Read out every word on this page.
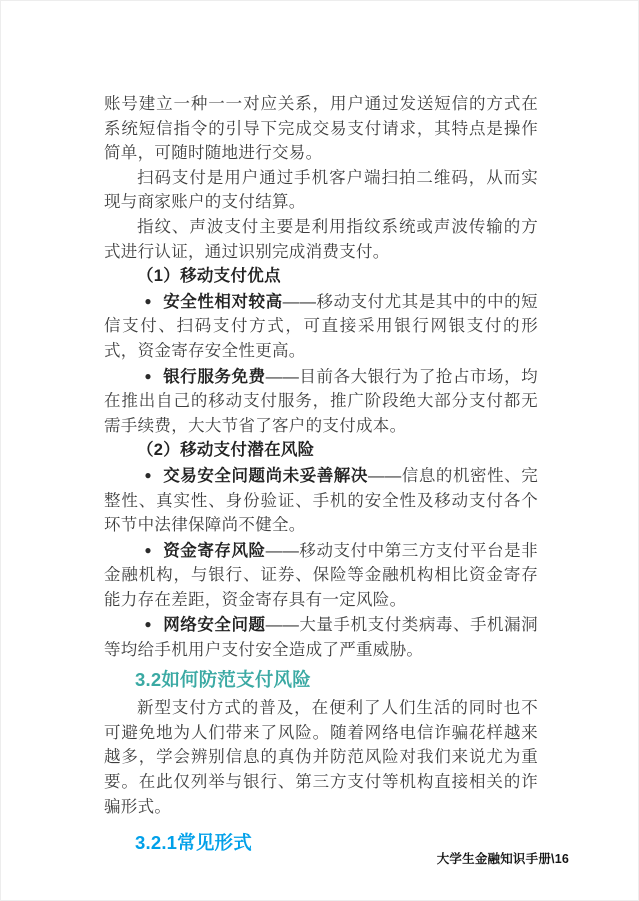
账号建立一种一一对应关系，用户通过发送短信的方式在系统短信指令的引导下完成交易支付请求，其特点是操作简单，可随时随地进行交易。

扫码支付是用户通过手机客户端扫拍二维码，从而实现与商家账户的支付结算。

指纹、声波支付主要是利用指纹系统或声波传输的方式进行认证，通过识别完成消费支付。

（1）移动支付优点

● 安全性相对较高——移动支付尤其是其中的中的短信支付、扫码支付方式，可直接采用银行网银支付的形式，资金寄存安全性更高。

● 银行服务免费——目前各大银行为了抢占市场，均在推出自己的移动支付服务，推广阶段绝大部分支付都无需手续费，大大节省了客户的支付成本。

（2）移动支付潜在风险

● 交易安全问题尚未妥善解决——信息的机密性、完整性、真实性、身份验证、手机的安全性及移动支付各个环节中法律保障尚不健全。

● 资金寄存风险——移动支付中第三方支付平台是非金融机构，与银行、证券、保险等金融机构相比资金寄存能力存在差距，资金寄存具有一定风险。

● 网络安全问题——大量手机支付类病毒、手机漏洞等均给手机用户支付安全造成了严重威胁。

3.2如何防范支付风险

新型支付方式的普及，在便利了人们生活的同时也不可避免地为人们带来了风险。随着网络电信诈骗花样越来越多，学会辨别信息的真伪并防范风险对我们来说尤为重要。在此仅列举与银行、第三方支付等机构直接相关的诈骗形式。

3.2.1常见形式
大学生金融知识手册\16
